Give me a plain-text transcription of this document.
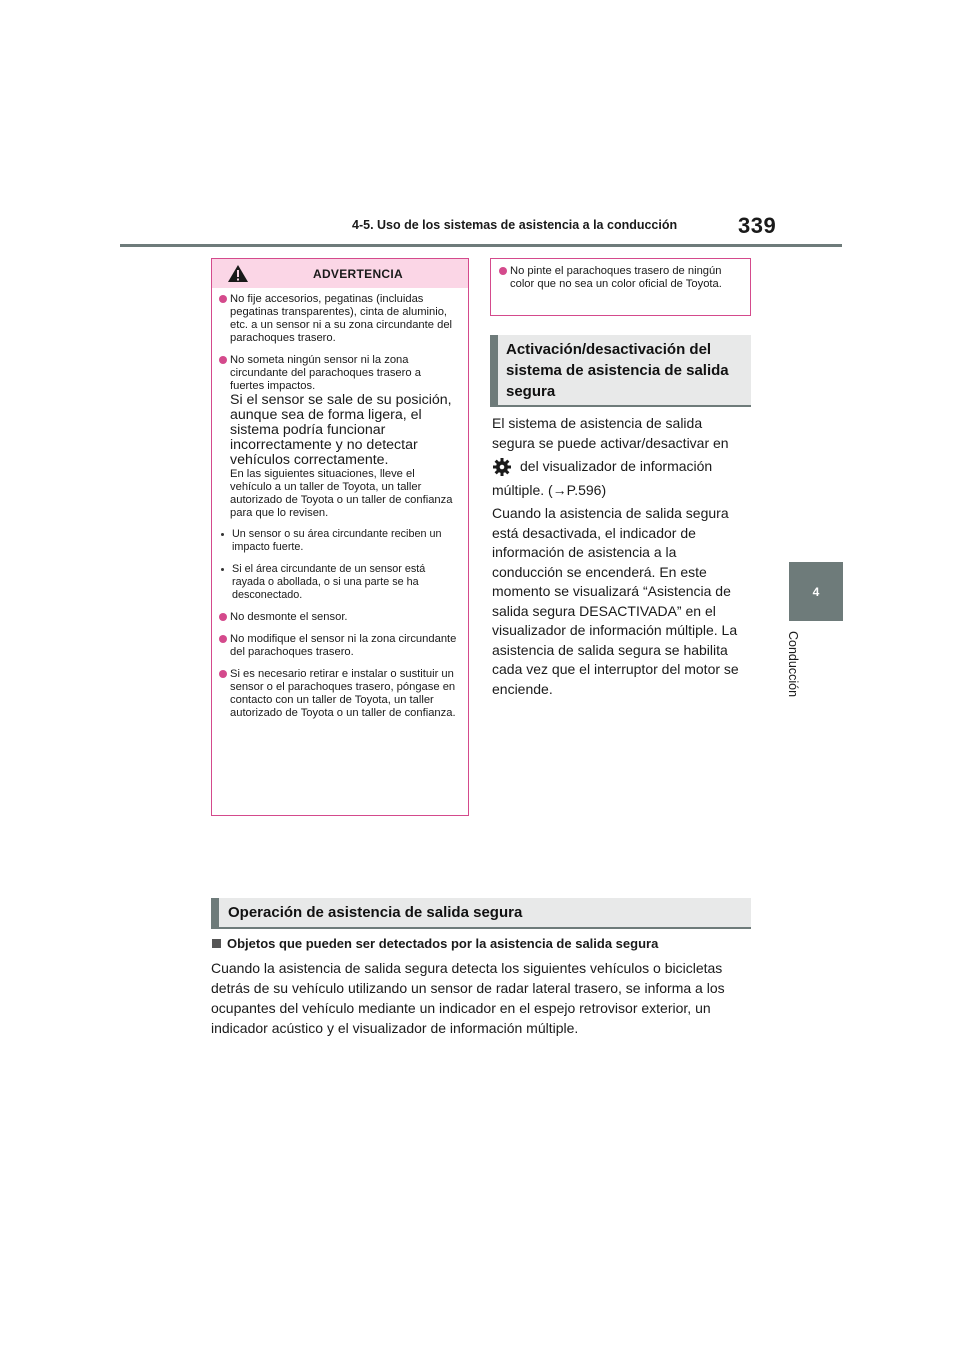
4-5. Uso de los sistemas de asistencia a la conducción	339
4
Conducción
ADVERTENCIA
No fije accesorios, pegatinas (incluidas pegatinas transparentes), cinta de aluminio, etc. a un sensor ni a su zona circundante del parachoques trasero.
No someta ningún sensor ni la zona circundante del parachoques trasero a fuertes impactos.
Si el sensor se sale de su posición, aunque sea de forma ligera, el sistema podría funcionar incorrectamente y no detectar vehículos correctamente.
En las siguientes situaciones, lleve el vehículo a un taller de Toyota, un taller autorizado de Toyota o un taller de confianza para que lo revisen.
Un sensor o su área circundante reciben un impacto fuerte.
Si el área circundante de un sensor está rayada o abollada, o si una parte se ha desconectado.
No desmonte el sensor.
No modifique el sensor ni la zona circundante del parachoques trasero.
Si es necesario retirar e instalar o sustituir un sensor o el parachoques trasero, póngase en contacto con un taller de Toyota, un taller autorizado de Toyota o un taller de confianza.
No pinte el parachoques trasero de ningún color que no sea un color oficial de Toyota.
Activación/desactivación del sistema de asistencia de salida segura
El sistema de asistencia de salida segura se puede activar/desactivar en
del visualizador de información
múltiple. (→P.596)
Cuando la asistencia de salida segura está desactivada, el indicador de información de asistencia a la conducción se encenderá. En este momento se visualizará “Asistencia de salida segura DESACTIVADA” en el visualizador de información múltiple. La asistencia de salida segura se habilita cada vez que el interruptor del motor se enciende.
Operación de asistencia de salida segura
Objetos que pueden ser detectados por la asistencia de salida segura
Cuando la asistencia de salida segura detecta los siguientes vehículos o bicicletas detrás de su vehículo utilizando un sensor de radar lateral trasero, se informa a los ocupantes del vehículo mediante un indicador en el espejo retrovisor exterior, un indicador acústico y el visualizador de información múltiple.
